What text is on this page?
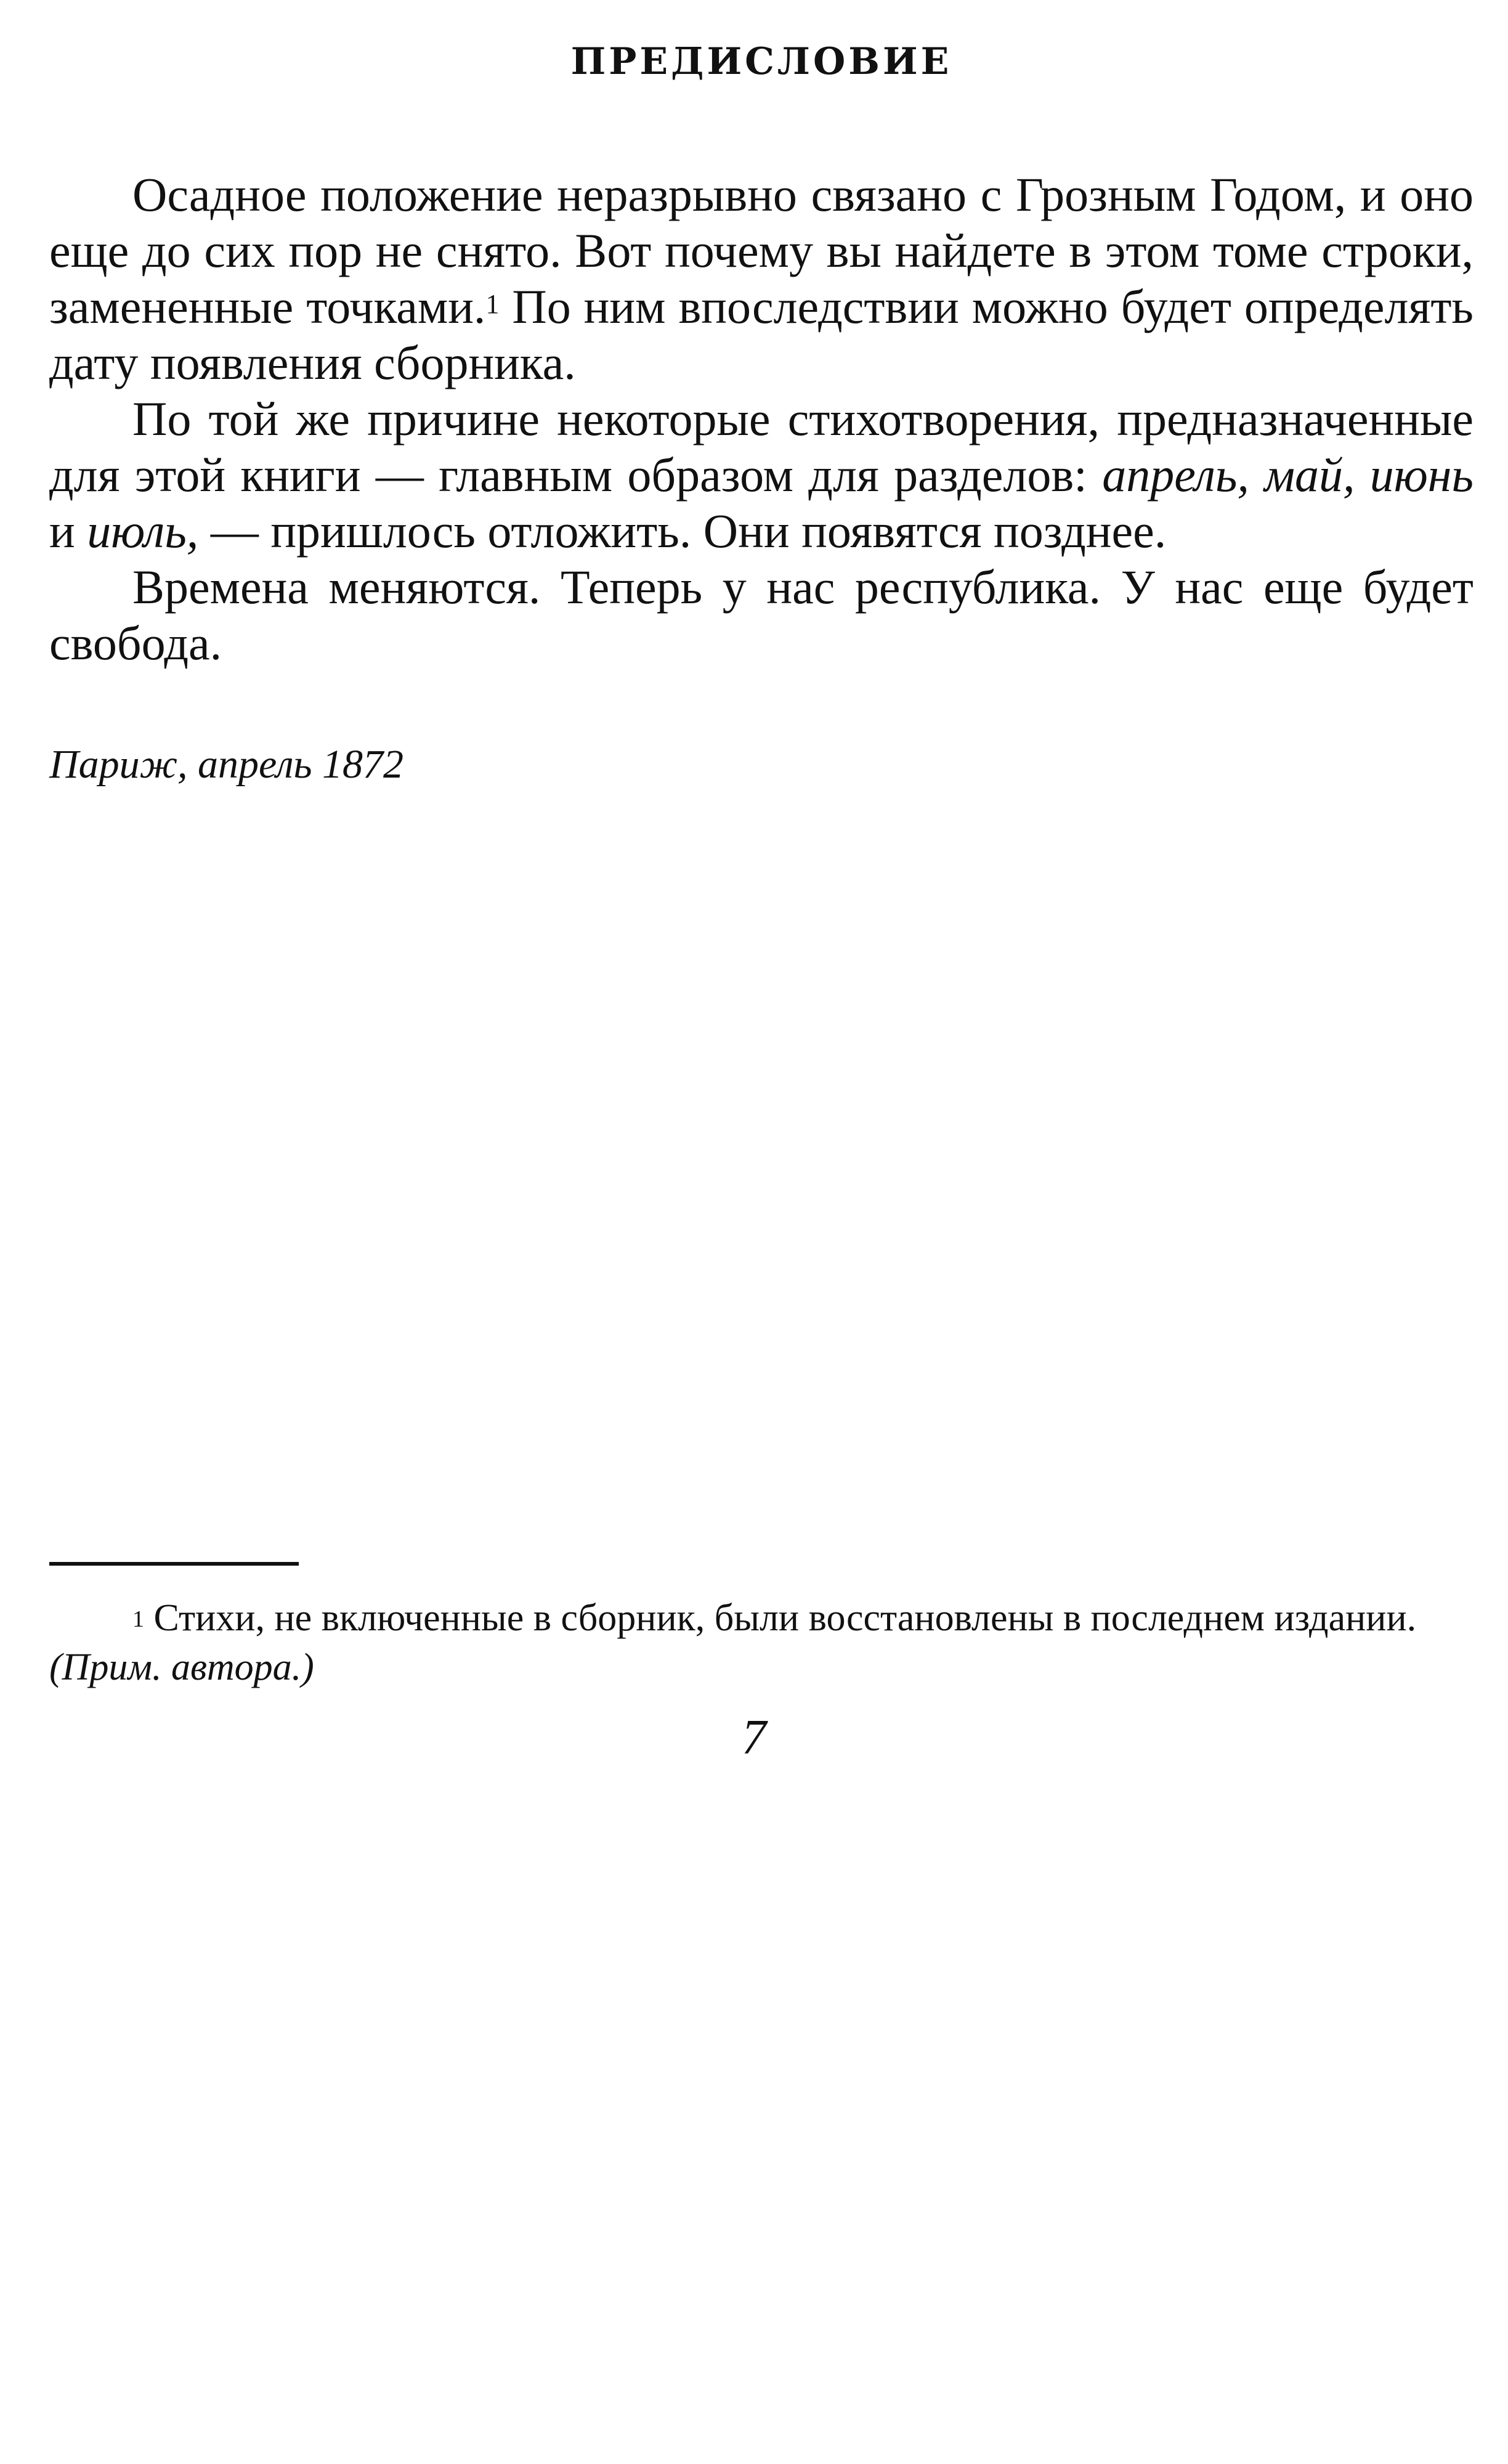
ПРЕДИСЛОВИЕ

Осадное положение неразрывно связано с Грозным Годом, и оно еще до сих пор не снято. Вот почему вы найдете в этом томе строки, замененные точками.$^1$ По ним впоследствии можно будет определять дату появления сборника.

По той же причине некоторые стихотворения, предназначенные для этой книги — главным образом для разделов: апрель, май, июнь и июль, — пришлось отложить. Они появятся позднее.

Времена меняются. Теперь у нас республика. У нас еще будет свобода.

Париж, апрель 1872
$^1$ Стихи, не включенные в сборник, были восстановлены в последнем издании. (Прим. автора.)
7
